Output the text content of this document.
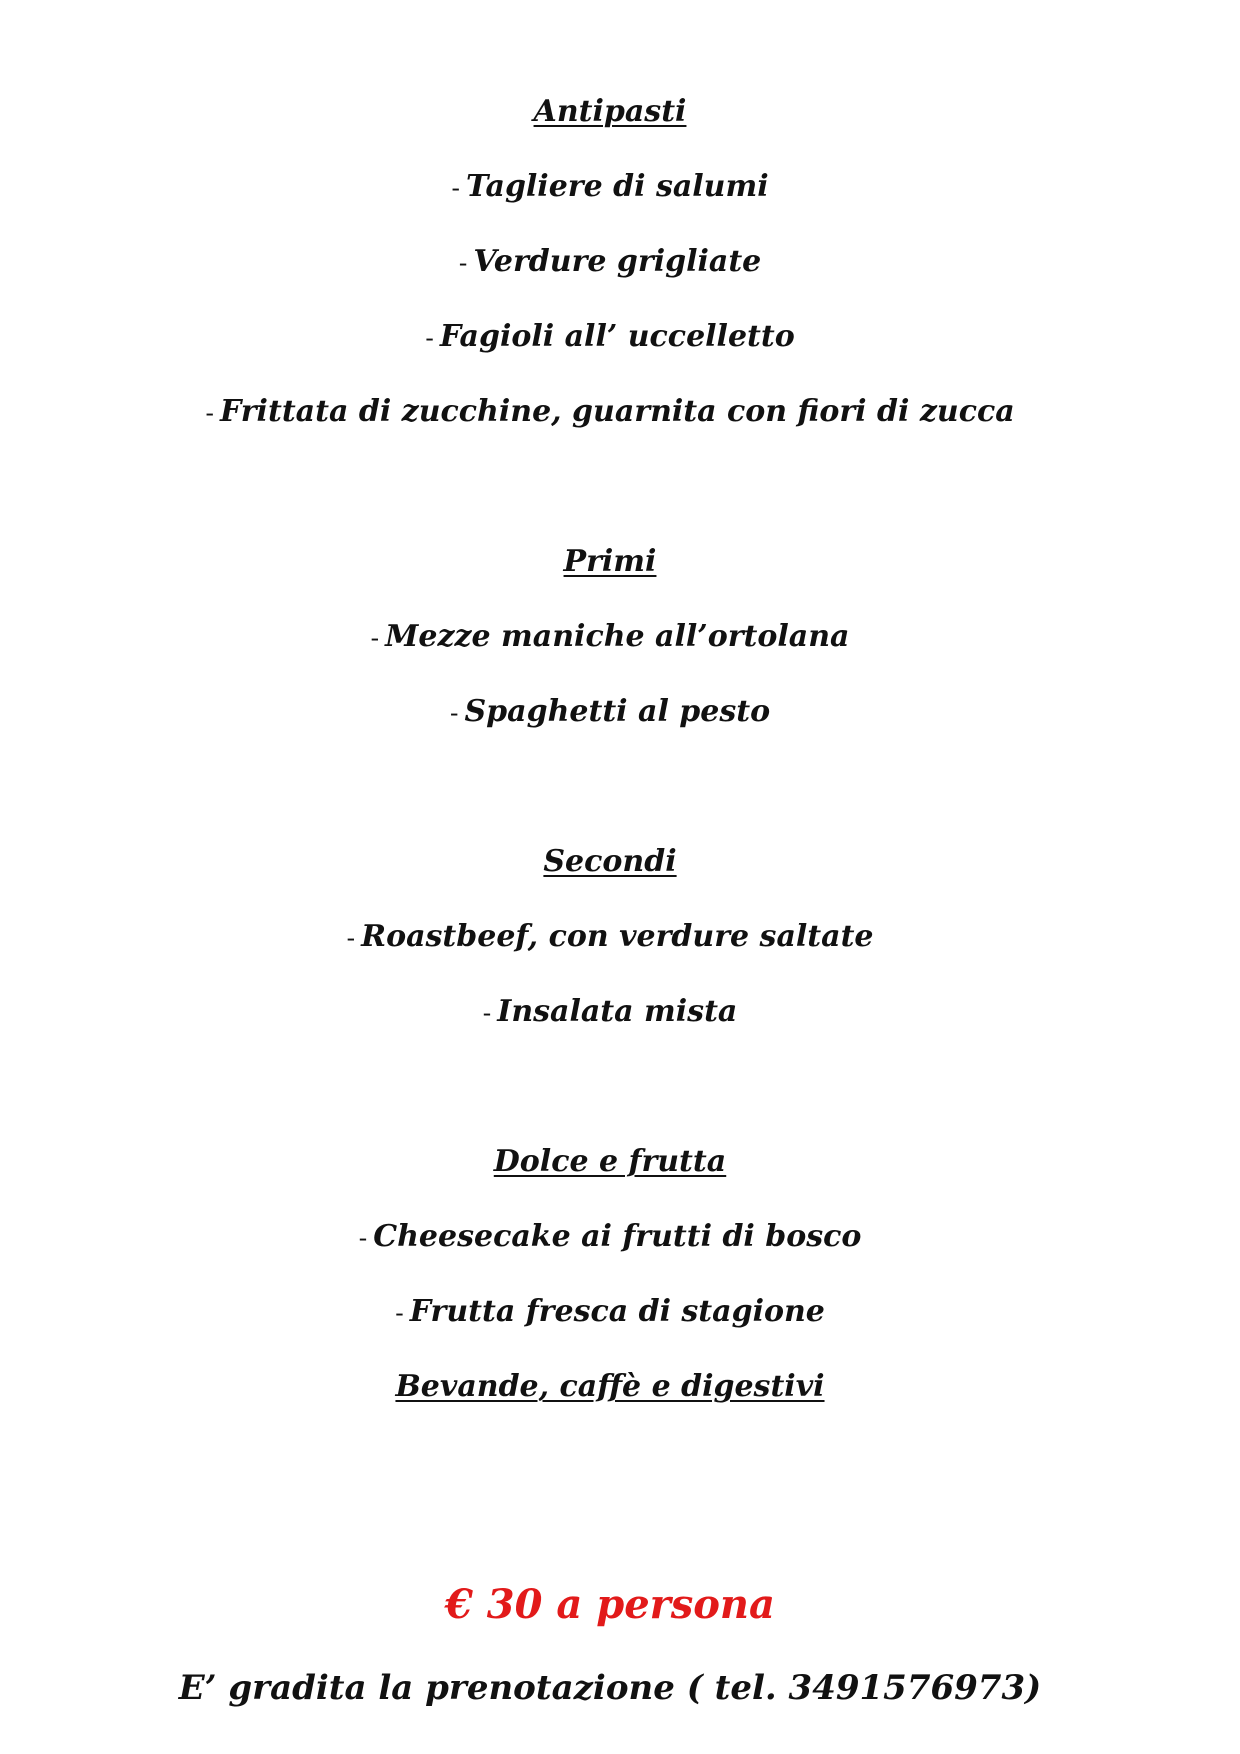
Antipasti
- Tagliere di salumi
- Verdure grigliate
- Fagioli all’ uccelletto
- Frittata di zucchine, guarnita con fiori di zucca
Primi
- Mezze maniche all’ortolana
- Spaghetti al pesto
Secondi
- Roastbeef, con verdure saltate
- Insalata mista
Dolce e frutta
- Cheesecake ai frutti di bosco
- Frutta fresca di stagione
Bevande, caffè e digestivi
€ 30 a persona
E’ gradita la prenotazione ( tel. 3491576973)
